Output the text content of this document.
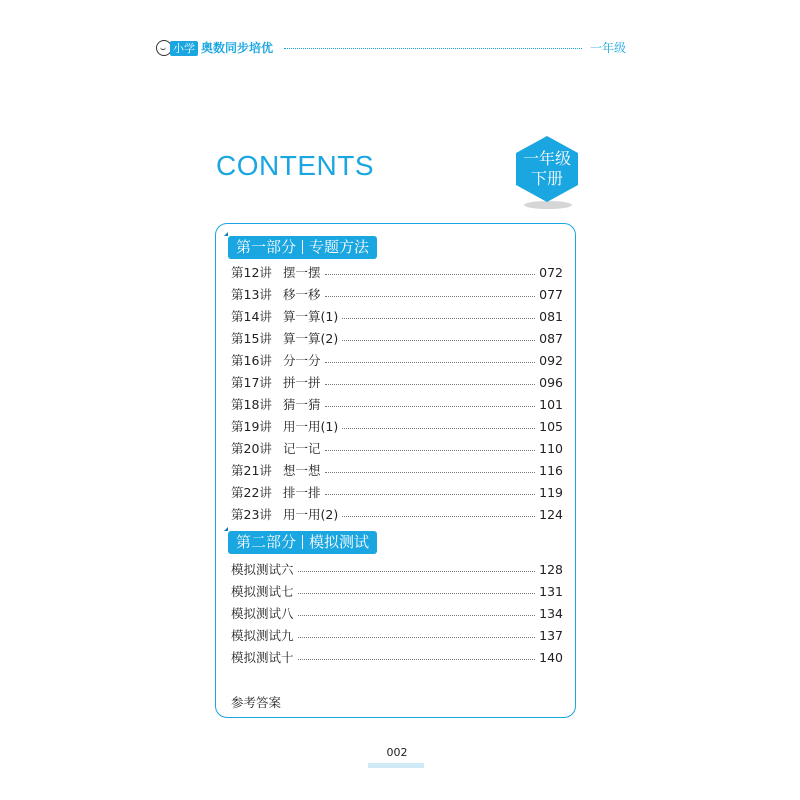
小学 奥数同步培优	一年级
CONTENTS	一年级
下册
第一部分 专题方法
第12讲 摆一摆	072
第13讲 移一移	077
第14讲 算一算(1)	081
第15讲 算一算(2)	087
第16讲 分一分	092
第17讲 拼一拼	096
第18讲 猜一猜	101
第19讲 用一用(1)	105
第20讲 记一记	110
第21讲 想一想	116
第22讲 排一排	119
第23讲 用一用(2)	124
第二部分 模拟测试
模拟测试六	128
模拟测试七	131
模拟测试八	134
模拟测试九	137
模拟测试十	140
参考答案
002
